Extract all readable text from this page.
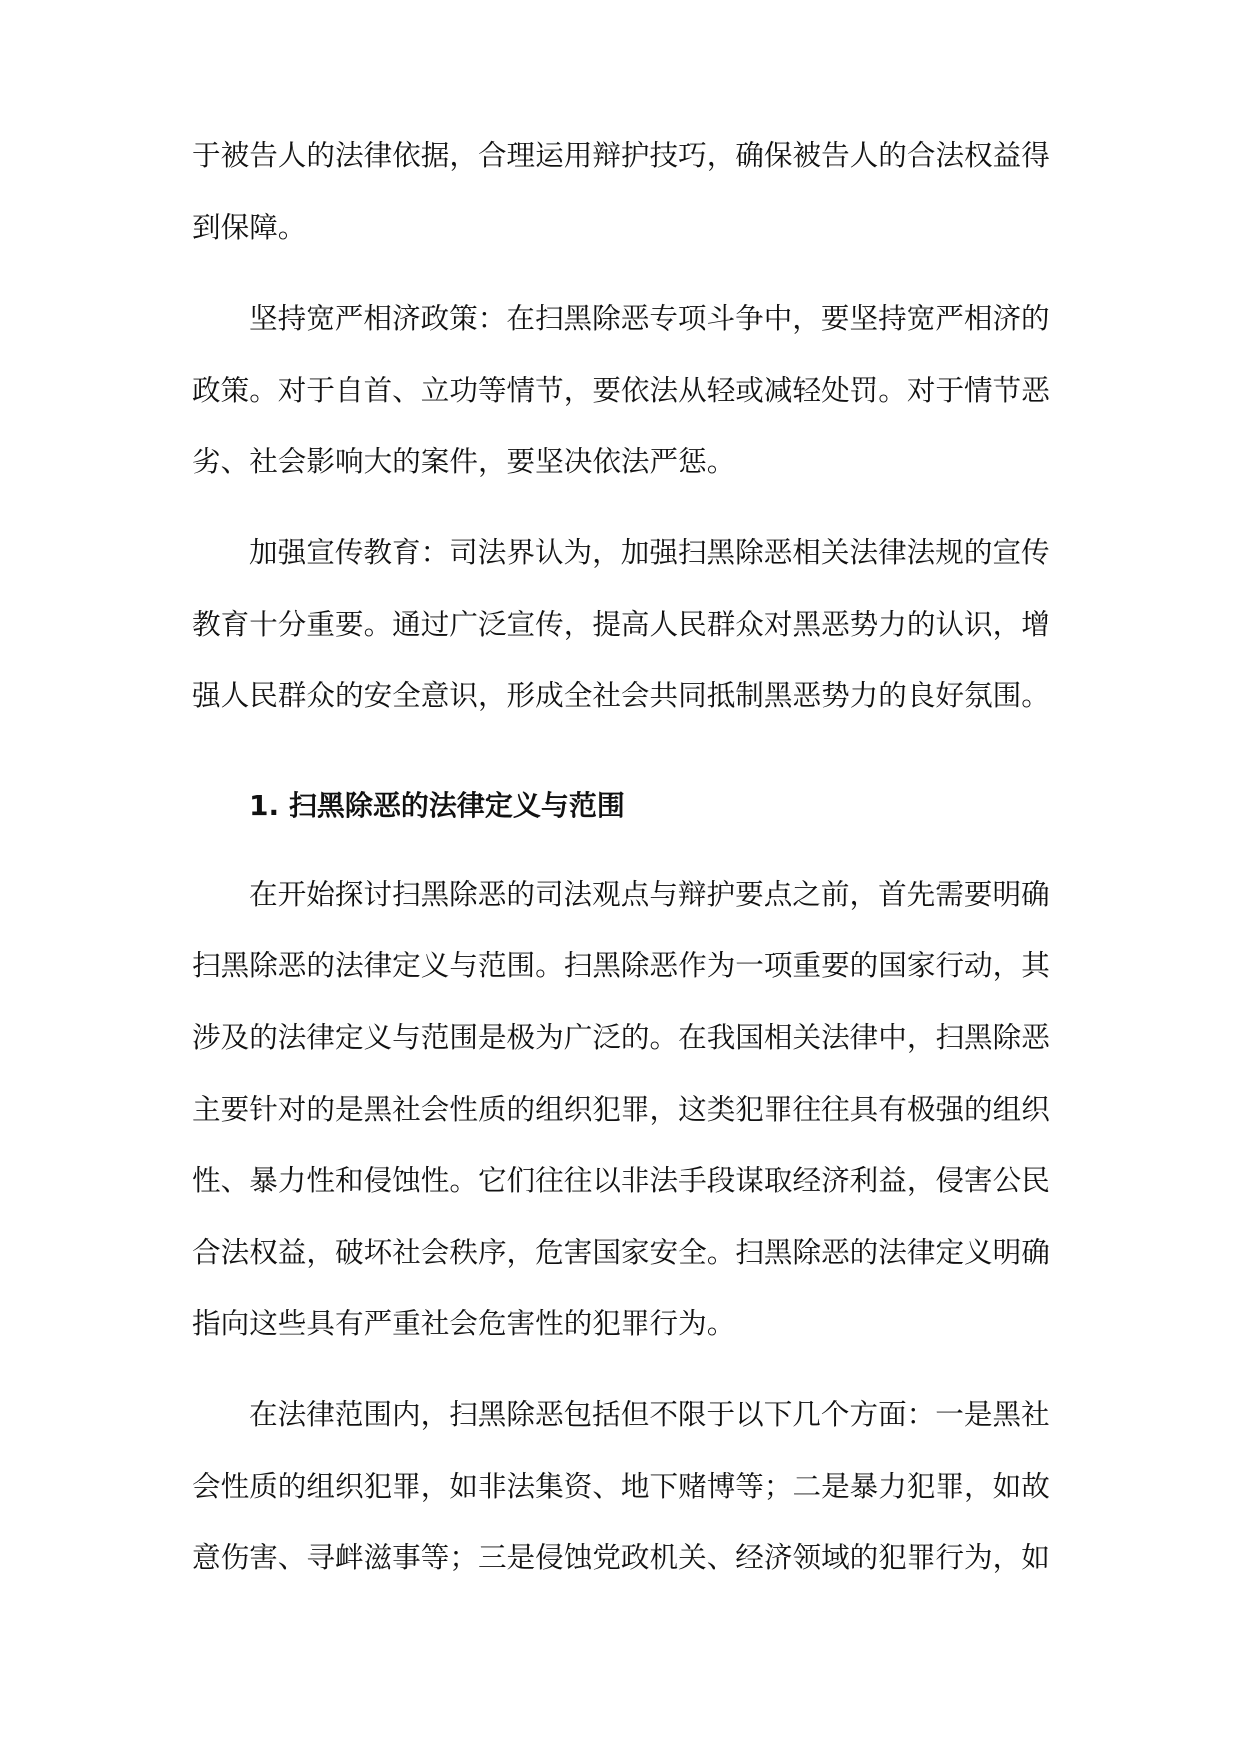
于被告人的法律依据，合理运用辩护技巧，确保被告人的合法权益得
到保障。
坚持宽严相济政策：在扫黑除恶专项斗争中，要坚持宽严相济的
政策。对于自首、立功等情节，要依法从轻或减轻处罚。对于情节恶
劣、社会影响大的案件，要坚决依法严惩。
加强宣传教育：司法界认为，加强扫黑除恶相关法律法规的宣传
教育十分重要。通过广泛宣传，提高人民群众对黑恶势力的认识，增
强人民群众的安全意识，形成全社会共同抵制黑恶势力的良好氛围。
1. 扫黑除恶的法律定义与范围
在开始探讨扫黑除恶的司法观点与辩护要点之前，首先需要明确
扫黑除恶的法律定义与范围。扫黑除恶作为一项重要的国家行动，其
涉及的法律定义与范围是极为广泛的。在我国相关法律中，扫黑除恶
主要针对的是黑社会性质的组织犯罪，这类犯罪往往具有极强的组织
性、暴力性和侵蚀性。它们往往以非法手段谋取经济利益，侵害公民
合法权益，破坏社会秩序，危害国家安全。扫黑除恶的法律定义明确
指向这些具有严重社会危害性的犯罪行为。
在法律范围内，扫黑除恶包括但不限于以下几个方面：一是黑社
会性质的组织犯罪，如非法集资、地下赌博等；二是暴力犯罪，如故
意伤害、寻衅滋事等；三是侵蚀党政机关、经济领域的犯罪行为，如
